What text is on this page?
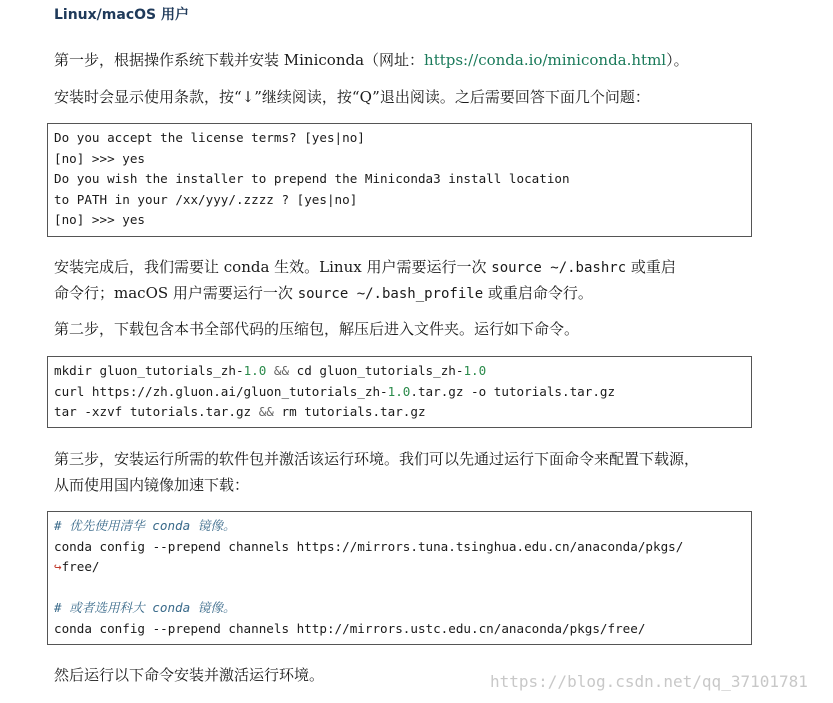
Linux/macOS 用户
第一步，根据操作系统下载并安装 Miniconda（网址：https://conda.io/miniconda.html）。
安装时会显示使用条款，按“↓”继续阅读，按“Q”退出阅读。之后需要回答下面几个问题：
Do you accept the license terms? [yes|no]
[no] >>> yes
Do you wish the installer to prepend the Miniconda3 install location
to PATH in your /xx/yyy/.zzzz ? [yes|no]
[no] >>> yes
安装完成后，我们需要让 conda 生效。Linux 用户需要运行一次 source ~/.bashrc 或重启
命令行；macOS 用户需要运行一次 source ~/.bash_profile 或重启命令行。
第二步，下载包含本书全部代码的压缩包，解压后进入文件夹。运行如下命令。
mkdir gluon_tutorials_zh-1.0 && cd gluon_tutorials_zh-1.0
curl https://zh.gluon.ai/gluon_tutorials_zh-1.0.tar.gz -o tutorials.tar.gz
tar -xzvf tutorials.tar.gz && rm tutorials.tar.gz
第三步，安装运行所需的软件包并激活该运行环境。我们可以先通过运行下面命令来配置下载源，
从而使用国内镜像加速下载：
# 优先使用清华 conda 镜像。
conda config --prepend channels https://mirrors.tuna.tsinghua.edu.cn/anaconda/pkgs/
↪free/
# 或者选用科大 conda 镜像。
conda config --prepend channels http://mirrors.ustc.edu.cn/anaconda/pkgs/free/
然后运行以下命令安装并激活运行环境。	https://blog.csdn.net/qq_37101781
